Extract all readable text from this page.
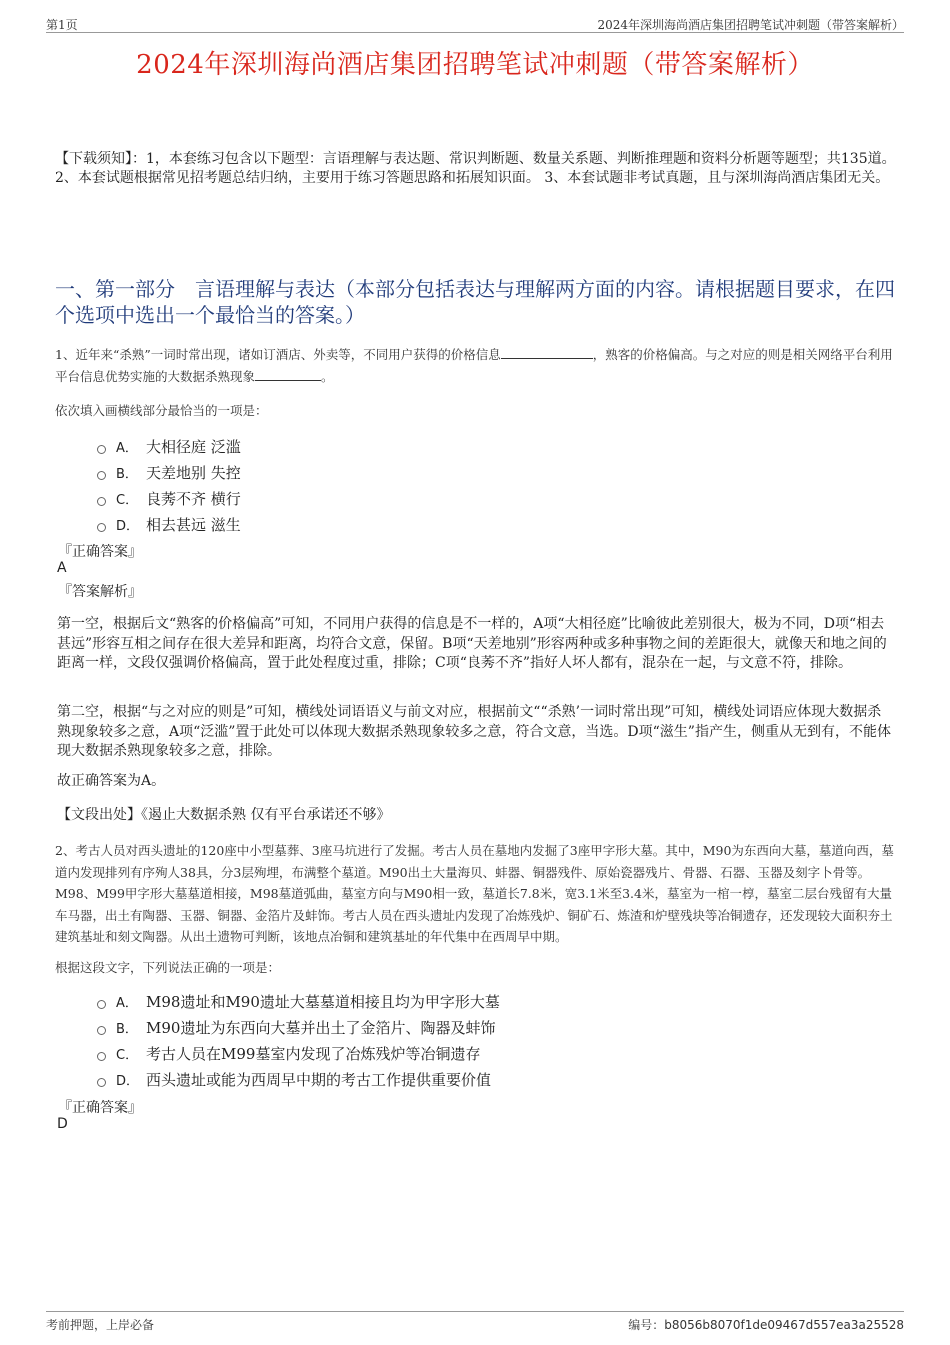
第1页	2024年深圳海尚酒店集团招聘笔试冲刺题（带答案解析）
2024年深圳海尚酒店集团招聘笔试冲刺题（带答案解析）
【下载须知】：1，本套练习包含以下题型：言语理解与表达题、常识判断题、数量关系题、判断推理题和资料分析题等题型；共135道。 2、本套试题根据常见招考题总结归纳，主要用于练习答题思路和拓展知识面。 3、本套试题非考试真题，且与深圳海尚酒店集团无关。
一、第一部分　言语理解与表达（本部分包括表达与理解两方面的内容。请根据题目要求，在四个选项中选出一个最恰当的答案。）
1、近年来“杀熟”一词时常出现，诸如订酒店、外卖等，不同用户获得的价格信息	，熟客的价格偏高。与之对应的则是相关网络平台利用平台信息优势实施的大数据杀熟现象	。
依次填入画横线部分最恰当的一项是：
A． 大相径庭 泛滥
B． 天差地别 失控
C． 良莠不齐 横行
D． 相去甚远 滋生
『正确答案』
A
『答案解析』
第一空，根据后文“熟客的价格偏高”可知，不同用户获得的信息是不一样的，A项“大相径庭”比喻彼此差别很大，极为不同，D项“相去甚远”形容互相之间存在很大差异和距离，均符合文意，保留。B项“天差地别”形容两种或多种事物之间的差距很大，就像天和地之间的距离一样，文段仅强调价格偏高，置于此处程度过重，排除；C项“良莠不齐”指好人坏人都有，混杂在一起，与文意不符，排除。
第二空，根据“与之对应的则是”可知，横线处词语语义与前文对应，根据前文““杀熟’一词时常出现”可知，横线处词语应体现大数据杀熟现象较多之意，A项“泛滥”置于此处可以体现大数据杀熟现象较多之意，符合文意，当选。D项“滋生”指产生，侧重从无到有，不能体现大数据杀熟现象较多之意，排除。
故正确答案为A。
【文段出处】《遏止大数据杀熟 仅有平台承诺还不够》
2、考古人员对西头遗址的120座中小型墓葬、3座马坑进行了发掘。考古人员在墓地内发掘了3座甲字形大墓。其中，M90为东西向大墓，墓道向西，墓道内发现排列有序殉人38具，分3层殉埋，布满整个墓道。M90出土大量海贝、蚌器、铜器残件、原始瓷器残片、骨器、石器、玉器及刻字卜骨等。M98、M99甲字形大墓墓道相接，M98墓道弧曲，墓室方向与M90相一致，墓道长7.8米，宽3.1米至3.4米，墓室为一棺一椁，墓室二层台残留有大量车马器，出土有陶器、玉器、铜器、金箔片及蚌饰。考古人员在西头遗址内发现了冶炼残炉、铜矿石、炼渣和炉壁残块等冶铜遗存，还发现较大面积夯土建筑基址和刻文陶器。从出土遗物可判断，该地点冶铜和建筑基址的年代集中在西周早中期。
根据这段文字，下列说法正确的一项是：
A． M98遗址和M90遗址大墓墓道相接且均为甲字形大墓
B． M90遗址为东西向大墓并出土了金箔片、陶器及蚌饰
C． 考古人员在M99墓室内发现了冶炼残炉等冶铜遗存
D． 西头遗址或能为西周早中期的考古工作提供重要价值
『正确答案』
D
考前押题，上岸必备	编号：b8056b8070f1de09467d557ea3a25528
